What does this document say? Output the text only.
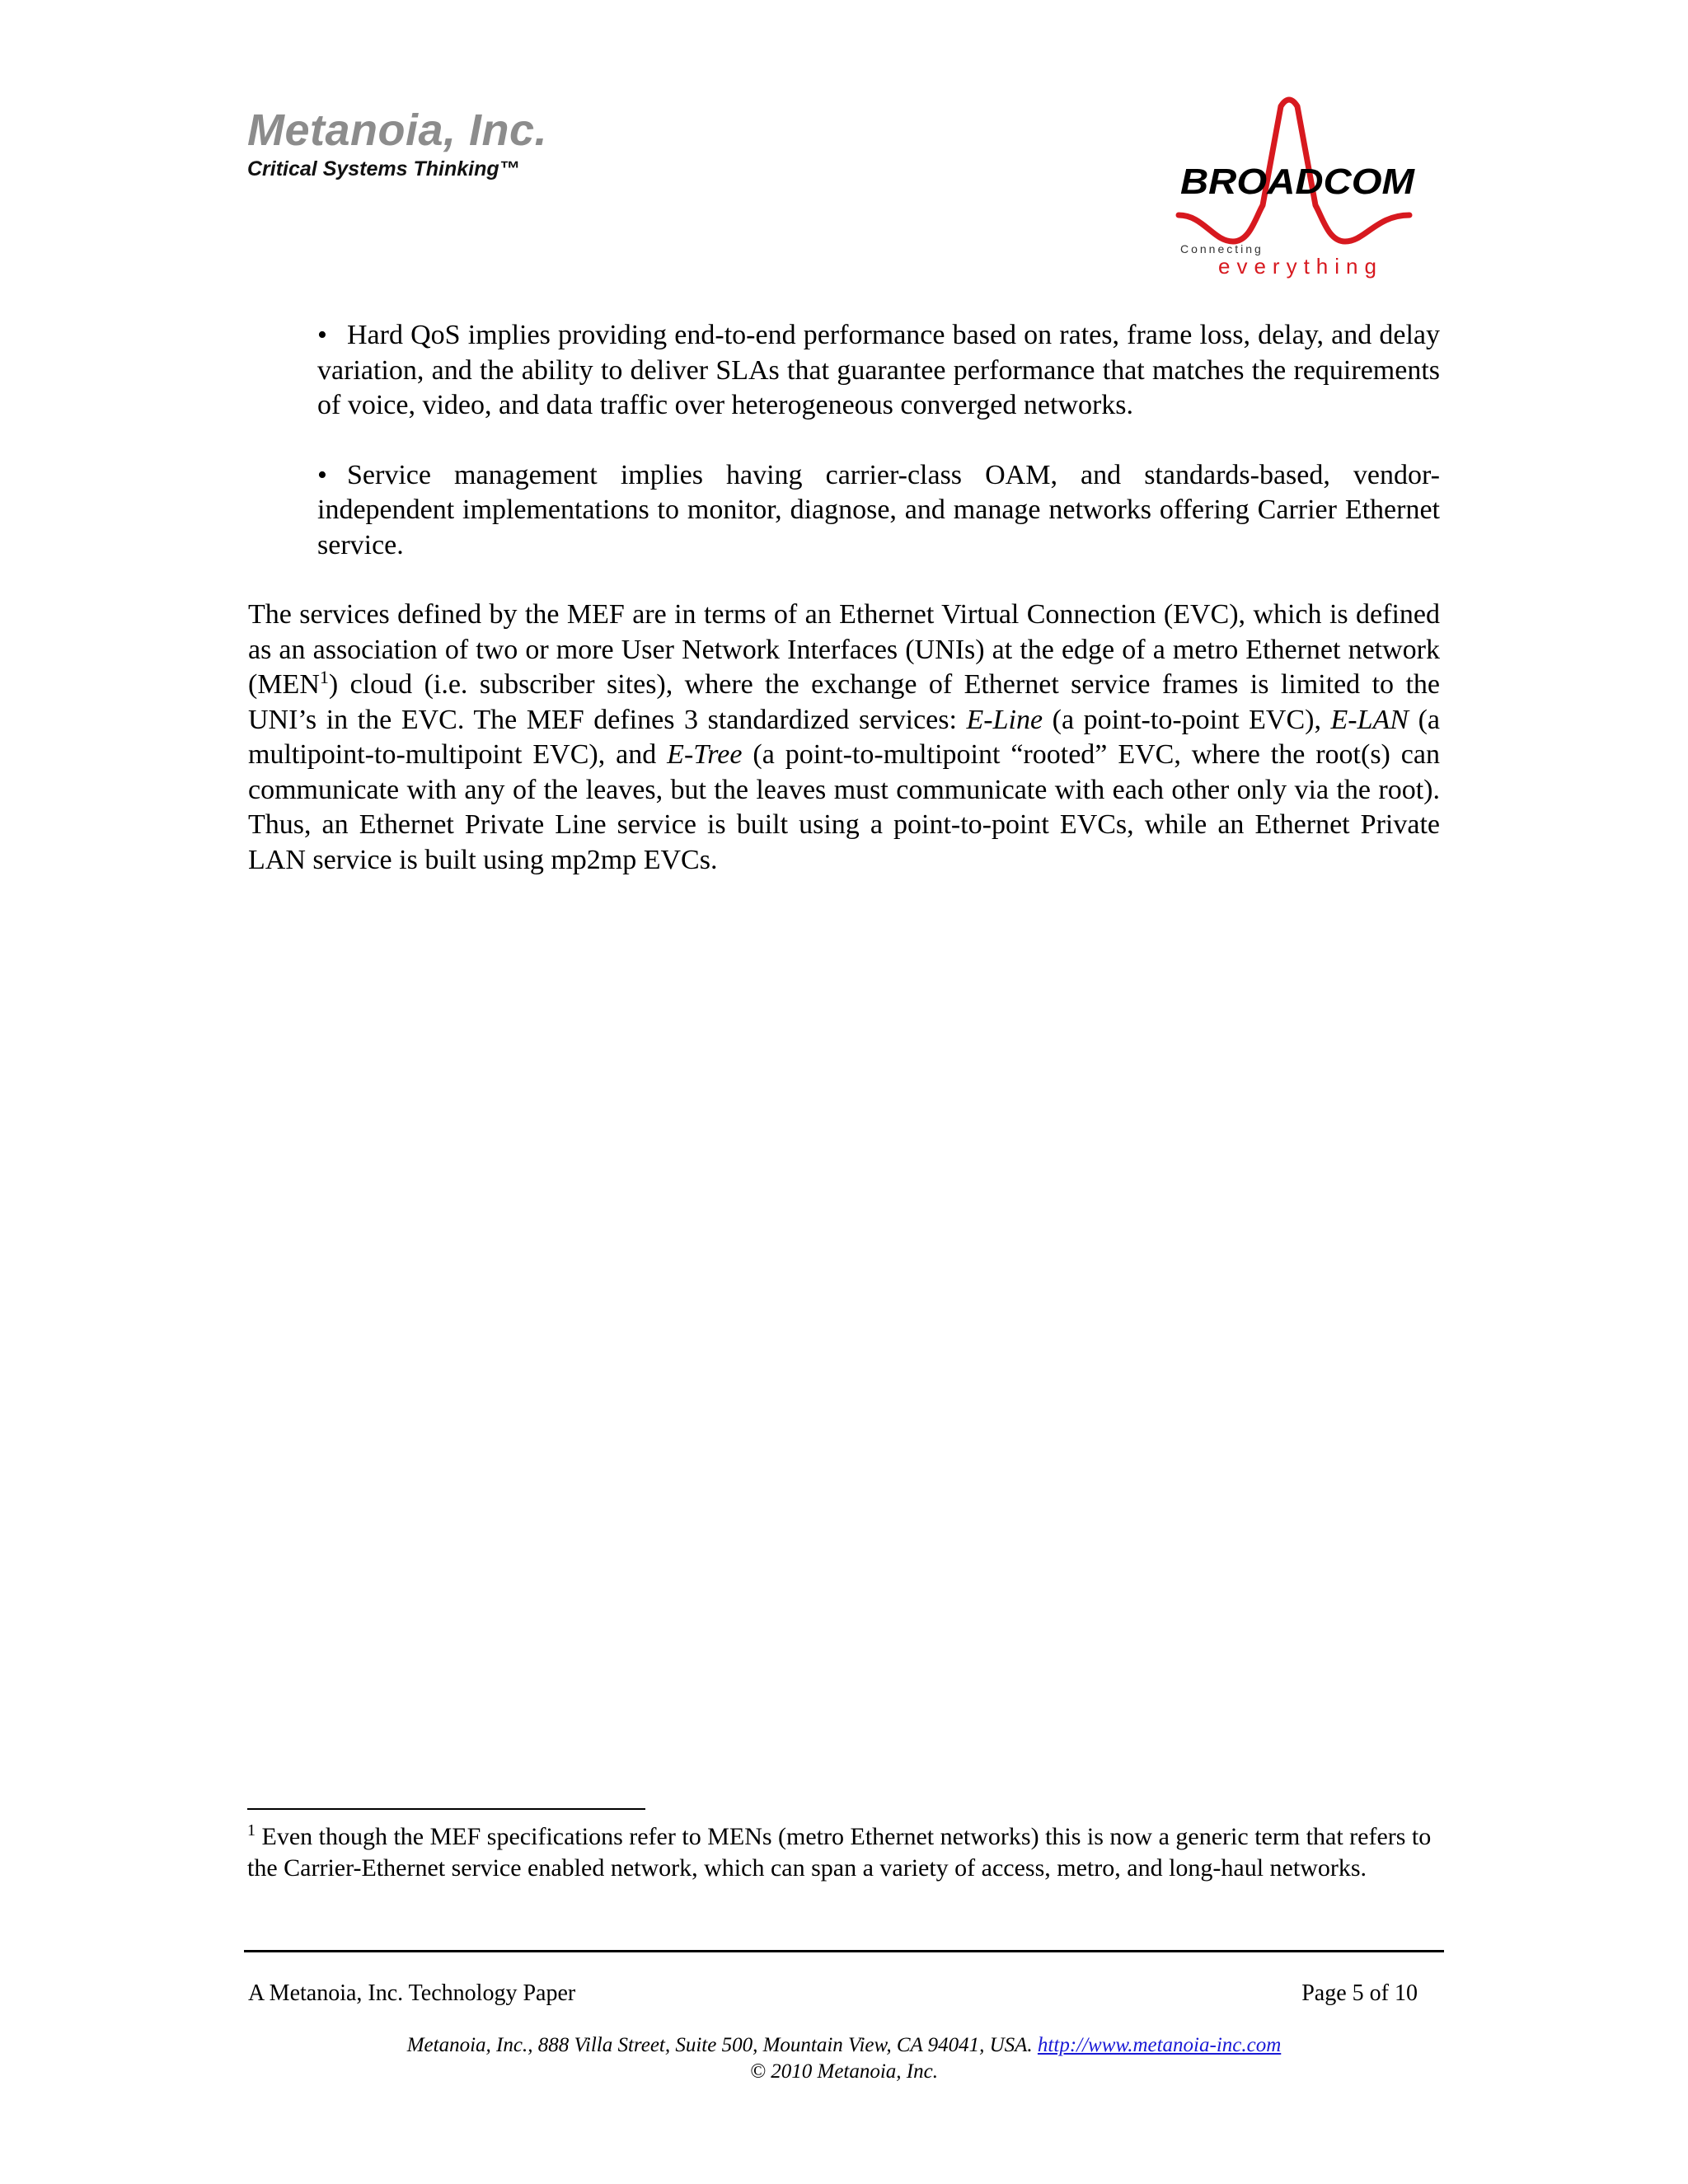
Metanoia, Inc.
Critical Systems Thinking™	BROADCOM
Connecting
everything
• Hard QoS implies providing end-to-end performance based on rates, frame loss, delay, and delay variation, and the ability to deliver SLAs that guarantee performance that matches the requirements of voice, video, and data traffic over heterogeneous converged networks.
• Service management implies having carrier-class OAM, and standards-based, vendor-independent implementations to monitor, diagnose, and manage networks offering Carrier Ethernet service.
The services defined by the MEF are in terms of an Ethernet Virtual Connection (EVC), which is defined as an association of two or more User Network Interfaces (UNIs) at the edge of a metro Ethernet network (MEN$^1$) cloud (i.e. subscriber sites), where the exchange of Ethernet service frames is limited to the UNI’s in the EVC. The MEF defines 3 standardized services: E-Line (a point-to-point EVC), E-LAN (a multipoint-to-multipoint EVC), and E-Tree (a point-to-multipoint “rooted” EVC, where the root(s) can communicate with any of the leaves, but the leaves must communicate with each other only via the root). Thus, an Ethernet Private Line service is built using a point-to-point EVCs, while an Ethernet Private LAN service is built using mp2mp EVCs.
$^1$ Even though the MEF specifications refer to MENs (metro Ethernet networks) this is now a generic term that refers to the Carrier-Ethernet service enabled network, which can span a variety of access, metro, and long-haul networks.
A Metanoia, Inc. Technology Paper	Page 5 of 10
Metanoia, Inc., 888 Villa Street, Suite 500, Mountain View, CA 94041, USA. http://www.metanoia-inc.com
© 2010 Metanoia, Inc.
